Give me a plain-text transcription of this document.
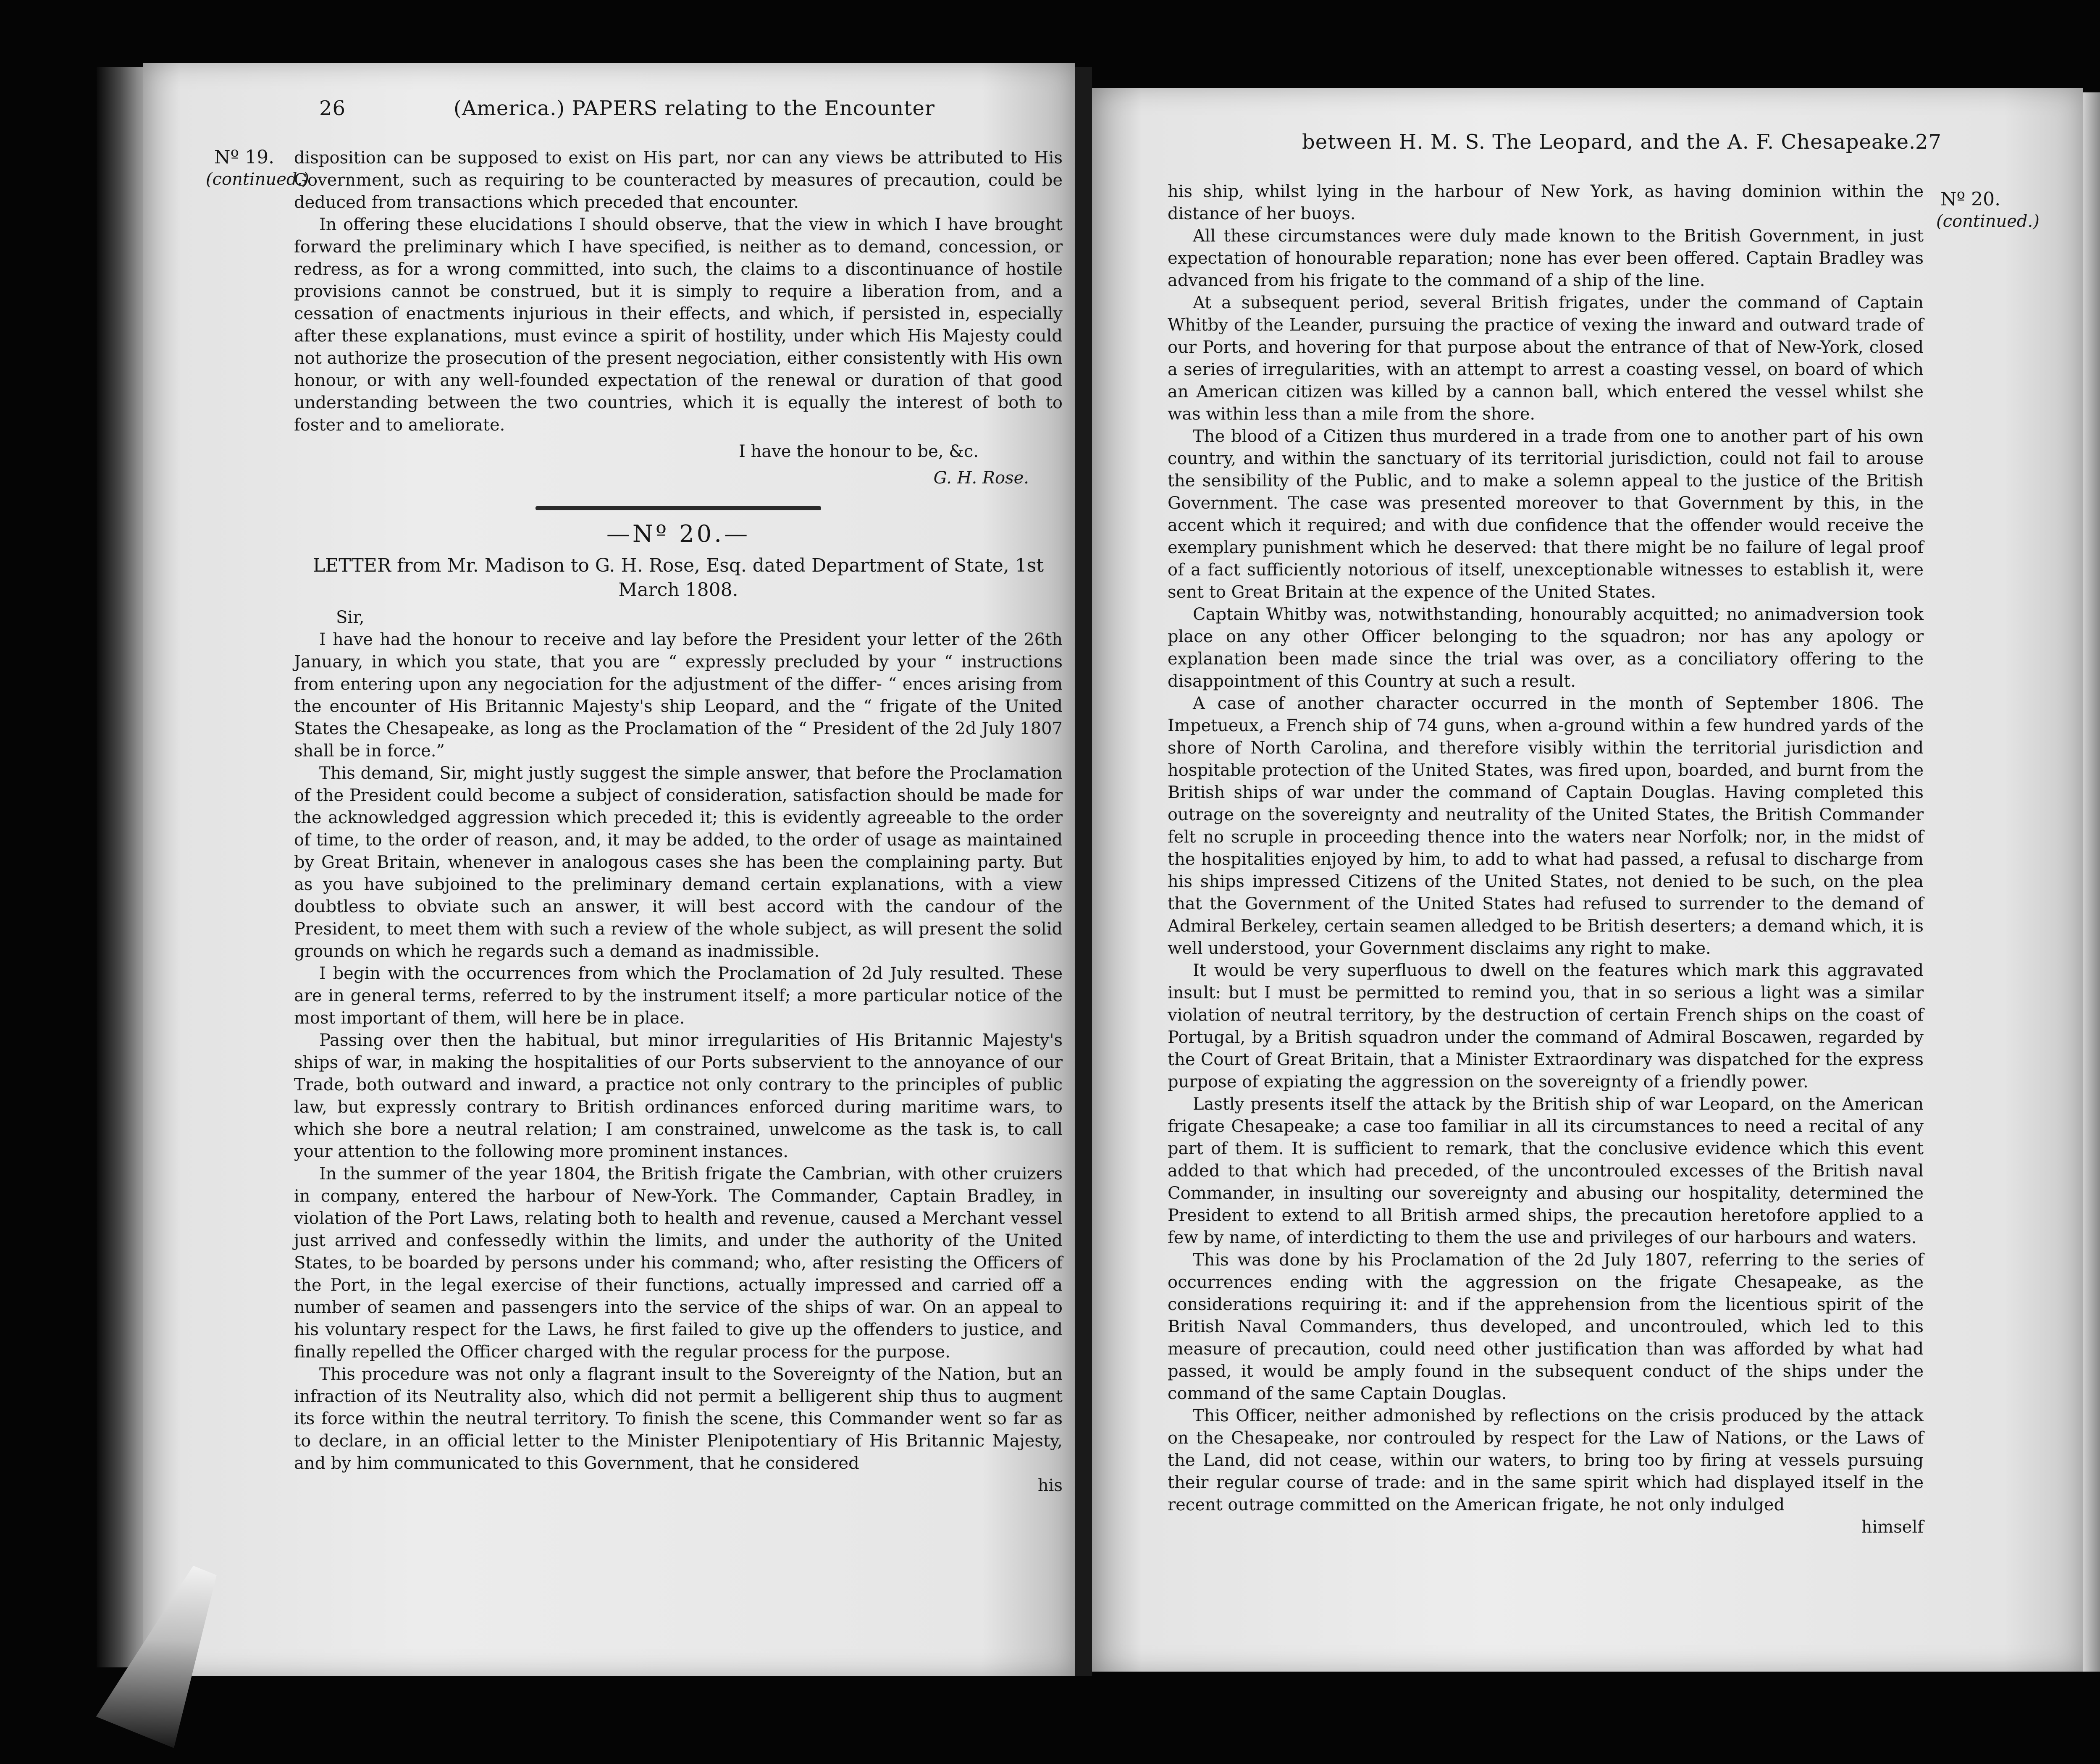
26	(America.) PAPERS relating to the Encounter
Nº 19.
(continued.)

disposition can be supposed to exist on His part, nor can any views be attributed to His Government, such as requiring to be counteracted by measures of precaution, could be deduced from transactions which preceded that encounter.

In offering these elucidations I should observe, that the view in which I have brought forward the preliminary which I have specified, is neither as to demand, concession, or redress, as for a wrong committed, into such, the claims to a discontinuance of hostile provisions cannot be construed, but it is simply to require a liberation from, and a cessation of enactments injurious in their effects, and which, if persisted in, especially after these explanations, must evince a spirit of hostility, under which His Majesty could not authorize the prosecution of the present negociation, either consistently with His own honour, or with any well-founded expectation of the renewal or duration of that good understanding between the two countries, which it is equally the interest of both to foster and to ameliorate.

I have the honour to be, &c.
G. H. Rose.
—Nº 20.—
LETTER from Mr. Madison to G. H. Rose, Esq. dated Department of State, 1st March 1808.

Sir,

I have had the honour to receive and lay before the President your letter of the 26th January, in which you state, that you are “ expressly precluded by your “ instructions from entering upon any negociation for the adjustment of the differ- “ ences arising from the encounter of His Britannic Majesty's ship Leopard, and the “ frigate of the United States the Chesapeake, as long as the Proclamation of the “ President of the 2d July 1807 shall be in force.”

This demand, Sir, might justly suggest the simple answer, that before the Proclamation of the President could become a subject of consideration, satisfaction should be made for the acknowledged aggression which preceded it; this is evidently agreeable to the order of time, to the order of reason, and, it may be added, to the order of usage as maintained by Great Britain, whenever in analogous cases she has been the complaining party. But as you have subjoined to the preliminary demand certain explanations, with a view doubtless to obviate such an answer, it will best accord with the candour of the President, to meet them with such a review of the whole subject, as will present the solid grounds on which he regards such a demand as inadmissible.

I begin with the occurrences from which the Proclamation of 2d July resulted. These are in general terms, referred to by the instrument itself; a more particular notice of the most important of them, will here be in place.

Passing over then the habitual, but minor irregularities of His Britannic Majesty's ships of war, in making the hospitalities of our Ports subservient to the annoyance of our Trade, both outward and inward, a practice not only contrary to the principles of public law, but expressly contrary to British ordinances enforced during maritime wars, to which she bore a neutral relation; I am constrained, unwelcome as the task is, to call your attention to the following more prominent instances.

In the summer of the year 1804, the British frigate the Cambrian, with other cruizers in company, entered the harbour of New-York. The Commander, Captain Bradley, in violation of the Port Laws, relating both to health and revenue, caused a Merchant vessel just arrived and confessedly within the limits, and under the authority of the United States, to be boarded by persons under his command; who, after resisting the Officers of the Port, in the legal exercise of their functions, actually impressed and carried off a number of seamen and passengers into the service of the ships of war. On an appeal to his voluntary respect for the Laws, he first failed to give up the offenders to justice, and finally repelled the Officer charged with the regular process for the purpose.

This procedure was not only a flagrant insult to the Sovereignty of the Nation, but an infraction of its Neutrality also, which did not permit a belligerent ship thus to augment its force within the neutral territory. To finish the scene, this Commander went so far as to declare, in an official letter to the Minister Plenipotentiary of His Britannic Majesty, and by him communicated to this Government, that he considered

his
between H. M. S. The Leopard, and the A. F. Chesapeake.
27
Nº 20.
(continued.)

his ship, whilst lying in the harbour of New York, as having dominion within the distance of her buoys.

All these circumstances were duly made known to the British Government, in just expectation of honourable reparation; none has ever been offered. Captain Bradley was advanced from his frigate to the command of a ship of the line.

At a subsequent period, several British frigates, under the command of Captain Whitby of the Leander, pursuing the practice of vexing the inward and outward trade of our Ports, and hovering for that purpose about the entrance of that of New-York, closed a series of irregularities, with an attempt to arrest a coasting vessel, on board of which an American citizen was killed by a cannon ball, which entered the vessel whilst she was within less than a mile from the shore.

The blood of a Citizen thus murdered in a trade from one to another part of his own country, and within the sanctuary of its territorial jurisdiction, could not fail to arouse the sensibility of the Public, and to make a solemn appeal to the justice of the British Government. The case was presented moreover to that Government by this, in the accent which it required; and with due confidence that the offender would receive the exemplary punishment which he deserved: that there might be no failure of legal proof of a fact sufficiently notorious of itself, unexceptionable witnesses to establish it, were sent to Great Britain at the expence of the United States.

Captain Whitby was, notwithstanding, honourably acquitted; no animadversion took place on any other Officer belonging to the squadron; nor has any apology or explanation been made since the trial was over, as a conciliatory offering to the disappointment of this Country at such a result.

A case of another character occurred in the month of September 1806. The Impetueux, a French ship of 74 guns, when a-ground within a few hundred yards of the shore of North Carolina, and therefore visibly within the territorial jurisdiction and hospitable protection of the United States, was fired upon, boarded, and burnt from the British ships of war under the command of Captain Douglas. Having completed this outrage on the sovereignty and neutrality of the United States, the British Commander felt no scruple in proceeding thence into the waters near Norfolk; nor, in the midst of the hospitalities enjoyed by him, to add to what had passed, a refusal to discharge from his ships impressed Citizens of the United States, not denied to be such, on the plea that the Government of the United States had refused to surrender to the demand of Admiral Berkeley, certain seamen alledged to be British deserters; a demand which, it is well understood, your Government disclaims any right to make.

It would be very superfluous to dwell on the features which mark this aggravated insult: but I must be permitted to remind you, that in so serious a light was a similar violation of neutral territory, by the destruction of certain French ships on the coast of Portugal, by a British squadron under the command of Admiral Boscawen, regarded by the Court of Great Britain, that a Minister Extraordinary was dispatched for the express purpose of expiating the aggression on the sovereignty of a friendly power.

Lastly presents itself the attack by the British ship of war Leopard, on the American frigate Chesapeake; a case too familiar in all its circumstances to need a recital of any part of them. It is sufficient to remark, that the conclusive evidence which this event added to that which had preceded, of the uncontrouled excesses of the British naval Commander, in insulting our sovereignty and abusing our hospitality, determined the President to extend to all British armed ships, the precaution heretofore applied to a few by name, of interdicting to them the use and privileges of our harbours and waters.

This was done by his Proclamation of the 2d July 1807, referring to the series of occurrences ending with the aggression on the frigate Chesapeake, as the considerations requiring it: and if the apprehension from the licentious spirit of the British Naval Commanders, thus developed, and uncontrouled, which led to this measure of precaution, could need other justification than was afforded by what had passed, it would be amply found in the subsequent conduct of the ships under the command of the same Captain Douglas.

This Officer, neither admonished by reflections on the crisis produced by the attack on the Chesapeake, nor controuled by respect for the Law of Nations, or the Laws of the Land, did not cease, within our waters, to bring too by firing at vessels pursuing their regular course of trade: and in the same spirit which had displayed itself in the recent outrage committed on the American frigate, he not only indulged

himself
